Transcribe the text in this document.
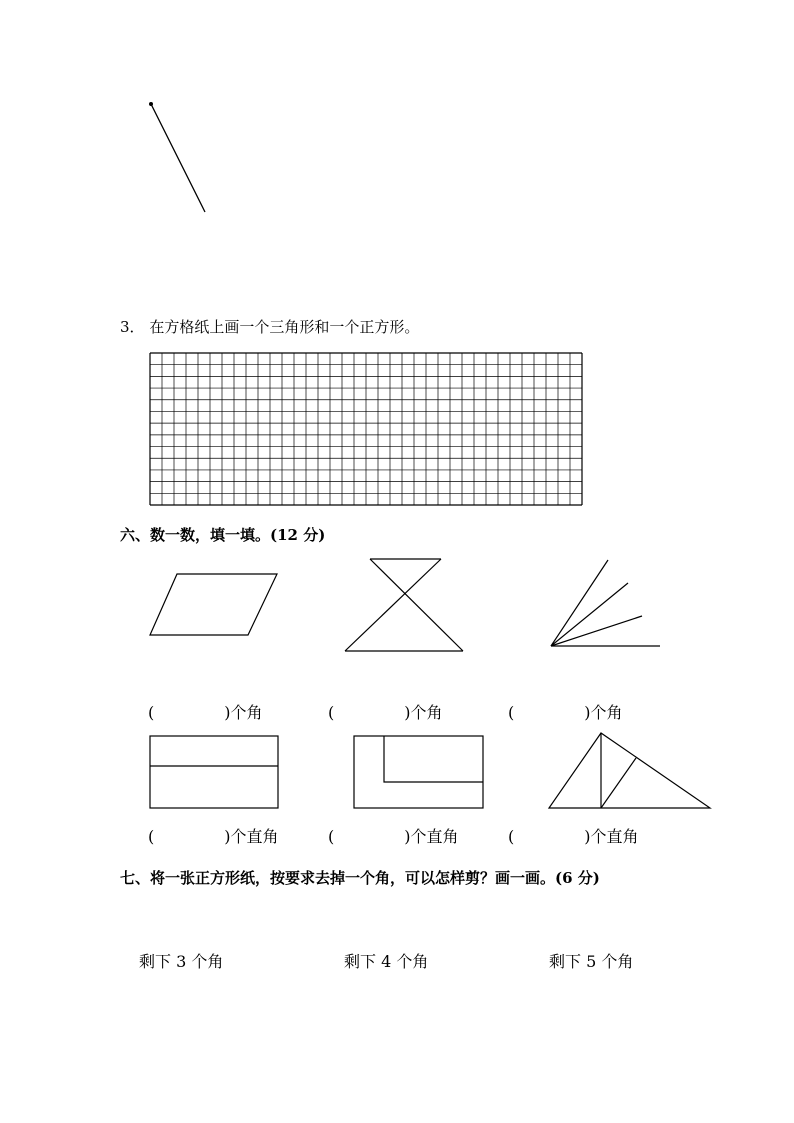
3． 在方格纸上画一个三角形和一个正方形。
六、数一数，填一填。(12 分)
(	)个角	(	)个角	(	)个角
(	)个直角	(	)个直角	(	)个直角
七、将一张正方形纸，按要求去掉一个角，可以怎样剪？画一画。(6 分)
剩下 3 个角	剩下 4 个角	剩下 5 个角
